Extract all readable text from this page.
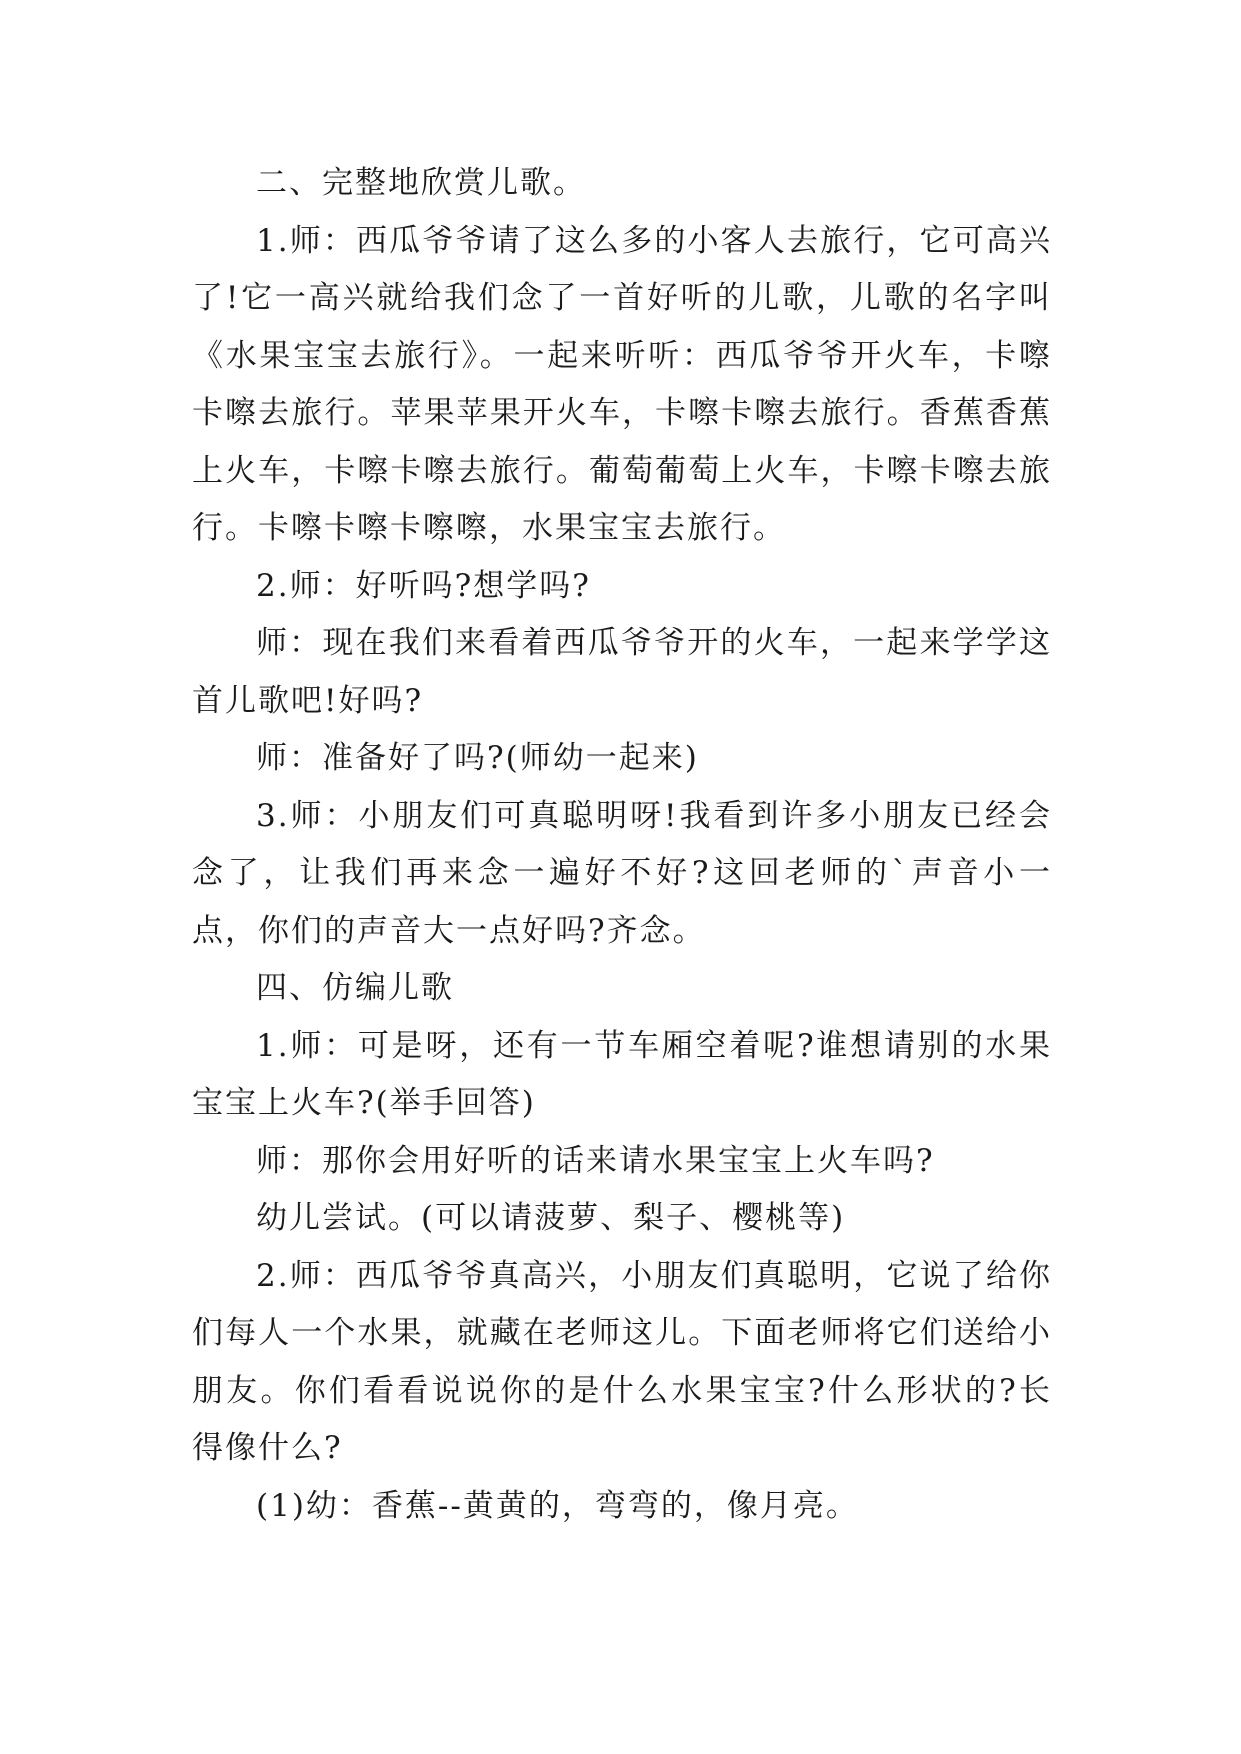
二、完整地欣赏儿歌。

1.师：西瓜爷爷请了这么多的小客人去旅行，它可高兴了!它一高兴就给我们念了一首好听的儿歌，儿歌的名字叫《水果宝宝去旅行》。一起来听听：西瓜爷爷开火车，卡嚓卡嚓去旅行。苹果苹果开火车，卡嚓卡嚓去旅行。香蕉香蕉上火车，卡嚓卡嚓去旅行。葡萄葡萄上火车，卡嚓卡嚓去旅行。卡嚓卡嚓卡嚓嚓，水果宝宝去旅行。

2.师：好听吗?想学吗?

师：现在我们来看着西瓜爷爷开的火车，一起来学学这首儿歌吧!好吗?

师：准备好了吗?(师幼一起来)

3.师：小朋友们可真聪明呀!我看到许多小朋友已经会念了，让我们再来念一遍好不好?这回老师的`声音小一点，你们的声音大一点好吗?齐念。

四、仿编儿歌

1.师：可是呀，还有一节车厢空着呢?谁想请别的水果宝宝上火车?(举手回答)

师：那你会用好听的话来请水果宝宝上火车吗?

幼儿尝试。(可以请菠萝、梨子、樱桃等)

2.师：西瓜爷爷真高兴，小朋友们真聪明，它说了给你们每人一个水果，就藏在老师这儿。下面老师将它们送给小朋友。你们看看说说你的是什么水果宝宝?什么形状的?长得像什么?

(1)幼：香蕉--黄黄的，弯弯的，像月亮。
